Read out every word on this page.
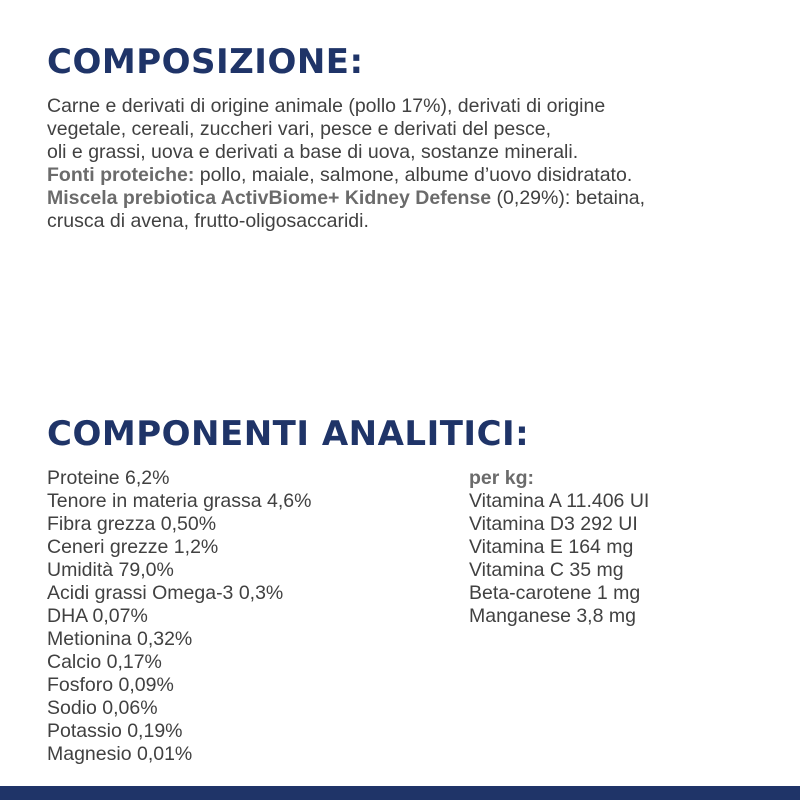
COMPOSIZIONE:
Carne e derivati di origine animale (pollo 17%), derivati di origine
vegetale, cereali, zuccheri vari, pesce e derivati del pesce,
oli e grassi, uova e derivati a base di uova, sostanze minerali.
Fonti proteiche: pollo, maiale, salmone, albume d’uovo disidratato.
Miscela prebiotica ActivBiome+ Kidney Defense (0,29%): betaina,
crusca di avena, frutto-oligosaccaridi.
COMPONENTI ANALITICI:
Proteine 6,2%
Tenore in materia grassa 4,6%
Fibra grezza 0,50%
Ceneri grezze 1,2%
Umidità 79,0%
Acidi grassi Omega-3 0,3%
DHA 0,07%
Metionina 0,32%
Calcio 0,17%
Fosforo 0,09%
Sodio 0,06%
Potassio 0,19%
Magnesio 0,01%
per kg:
Vitamina A 11.406 UI
Vitamina D3 292 UI
Vitamina E 164 mg
Vitamina C 35 mg
Beta-carotene 1 mg
Manganese 3,8 mg
